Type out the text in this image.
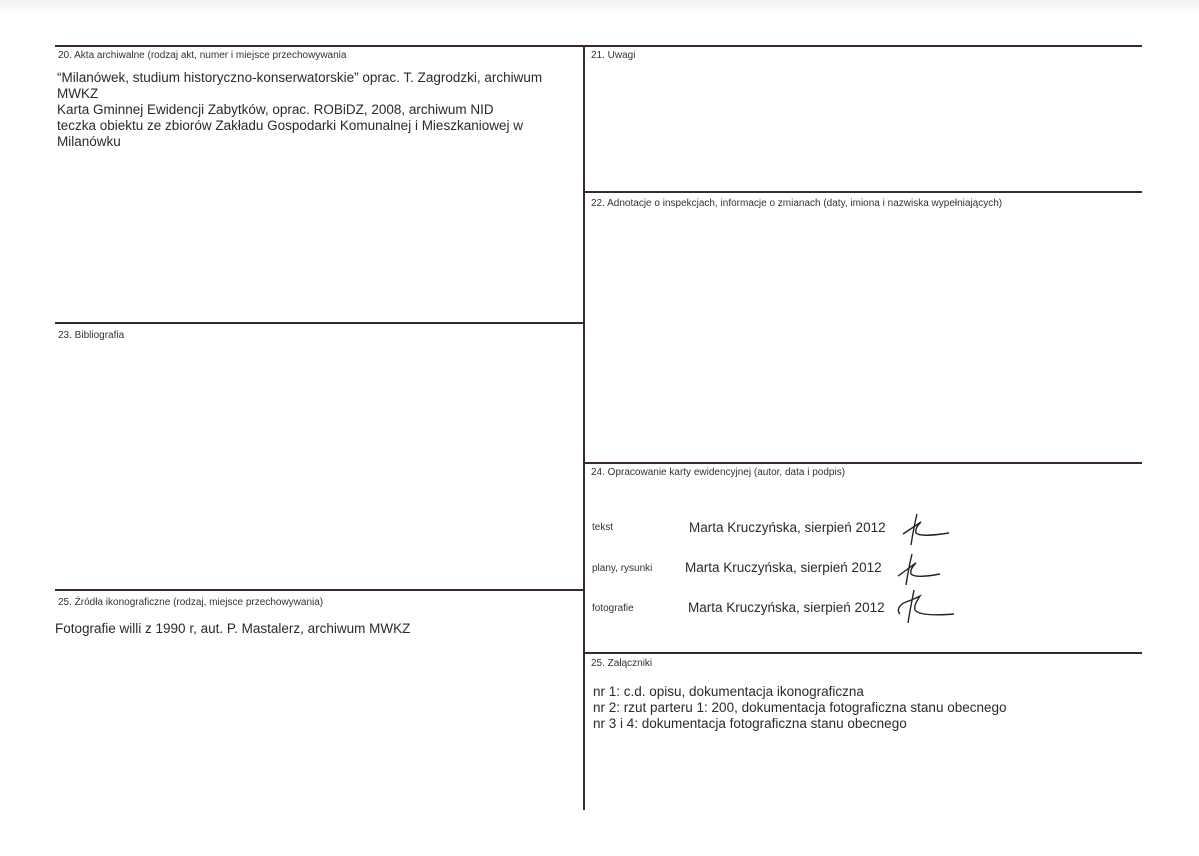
20. Akta archiwalne (rodzaj akt, numer i miejsce przechowywania
“Milanówek, studium historyczno-konserwatorskie” oprac. T. Zagrodzki, archiwum
MWKZ
Karta Gminnej Ewidencji Zabytków, oprac. ROBiDZ, 2008, archiwum NID
teczka obiektu ze zbiorów Zakładu Gospodarki Komunalnej i Mieszkaniowej w
Milanówku
23. Bibliografia
25. Źródła ikonograficzne (rodzaj, miejsce przechowywania)
Fotografie willi z 1990 r, aut. P. Mastalerz, archiwum MWKZ
21. Uwagi
22. Adnotacje o inspekcjach, informacje o zmianach (daty, imiona i nazwiska wypełniających)
24. Opracowanie karty ewidencyjnej (autor, data i podpis)
tekst	Marta Kruczyńska, sierpień 2012
plany, rysunki Marta Kruczyńska, sierpień 2012
fotografie	Marta Kruczyńska, sierpień 2012
25. Załączniki
nr 1: c.d. opisu, dokumentacja ikonograficzna
nr 2: rzut parteru 1: 200, dokumentacja fotograficzna stanu obecnego
nr 3 i 4: dokumentacja fotograficzna stanu obecnego
